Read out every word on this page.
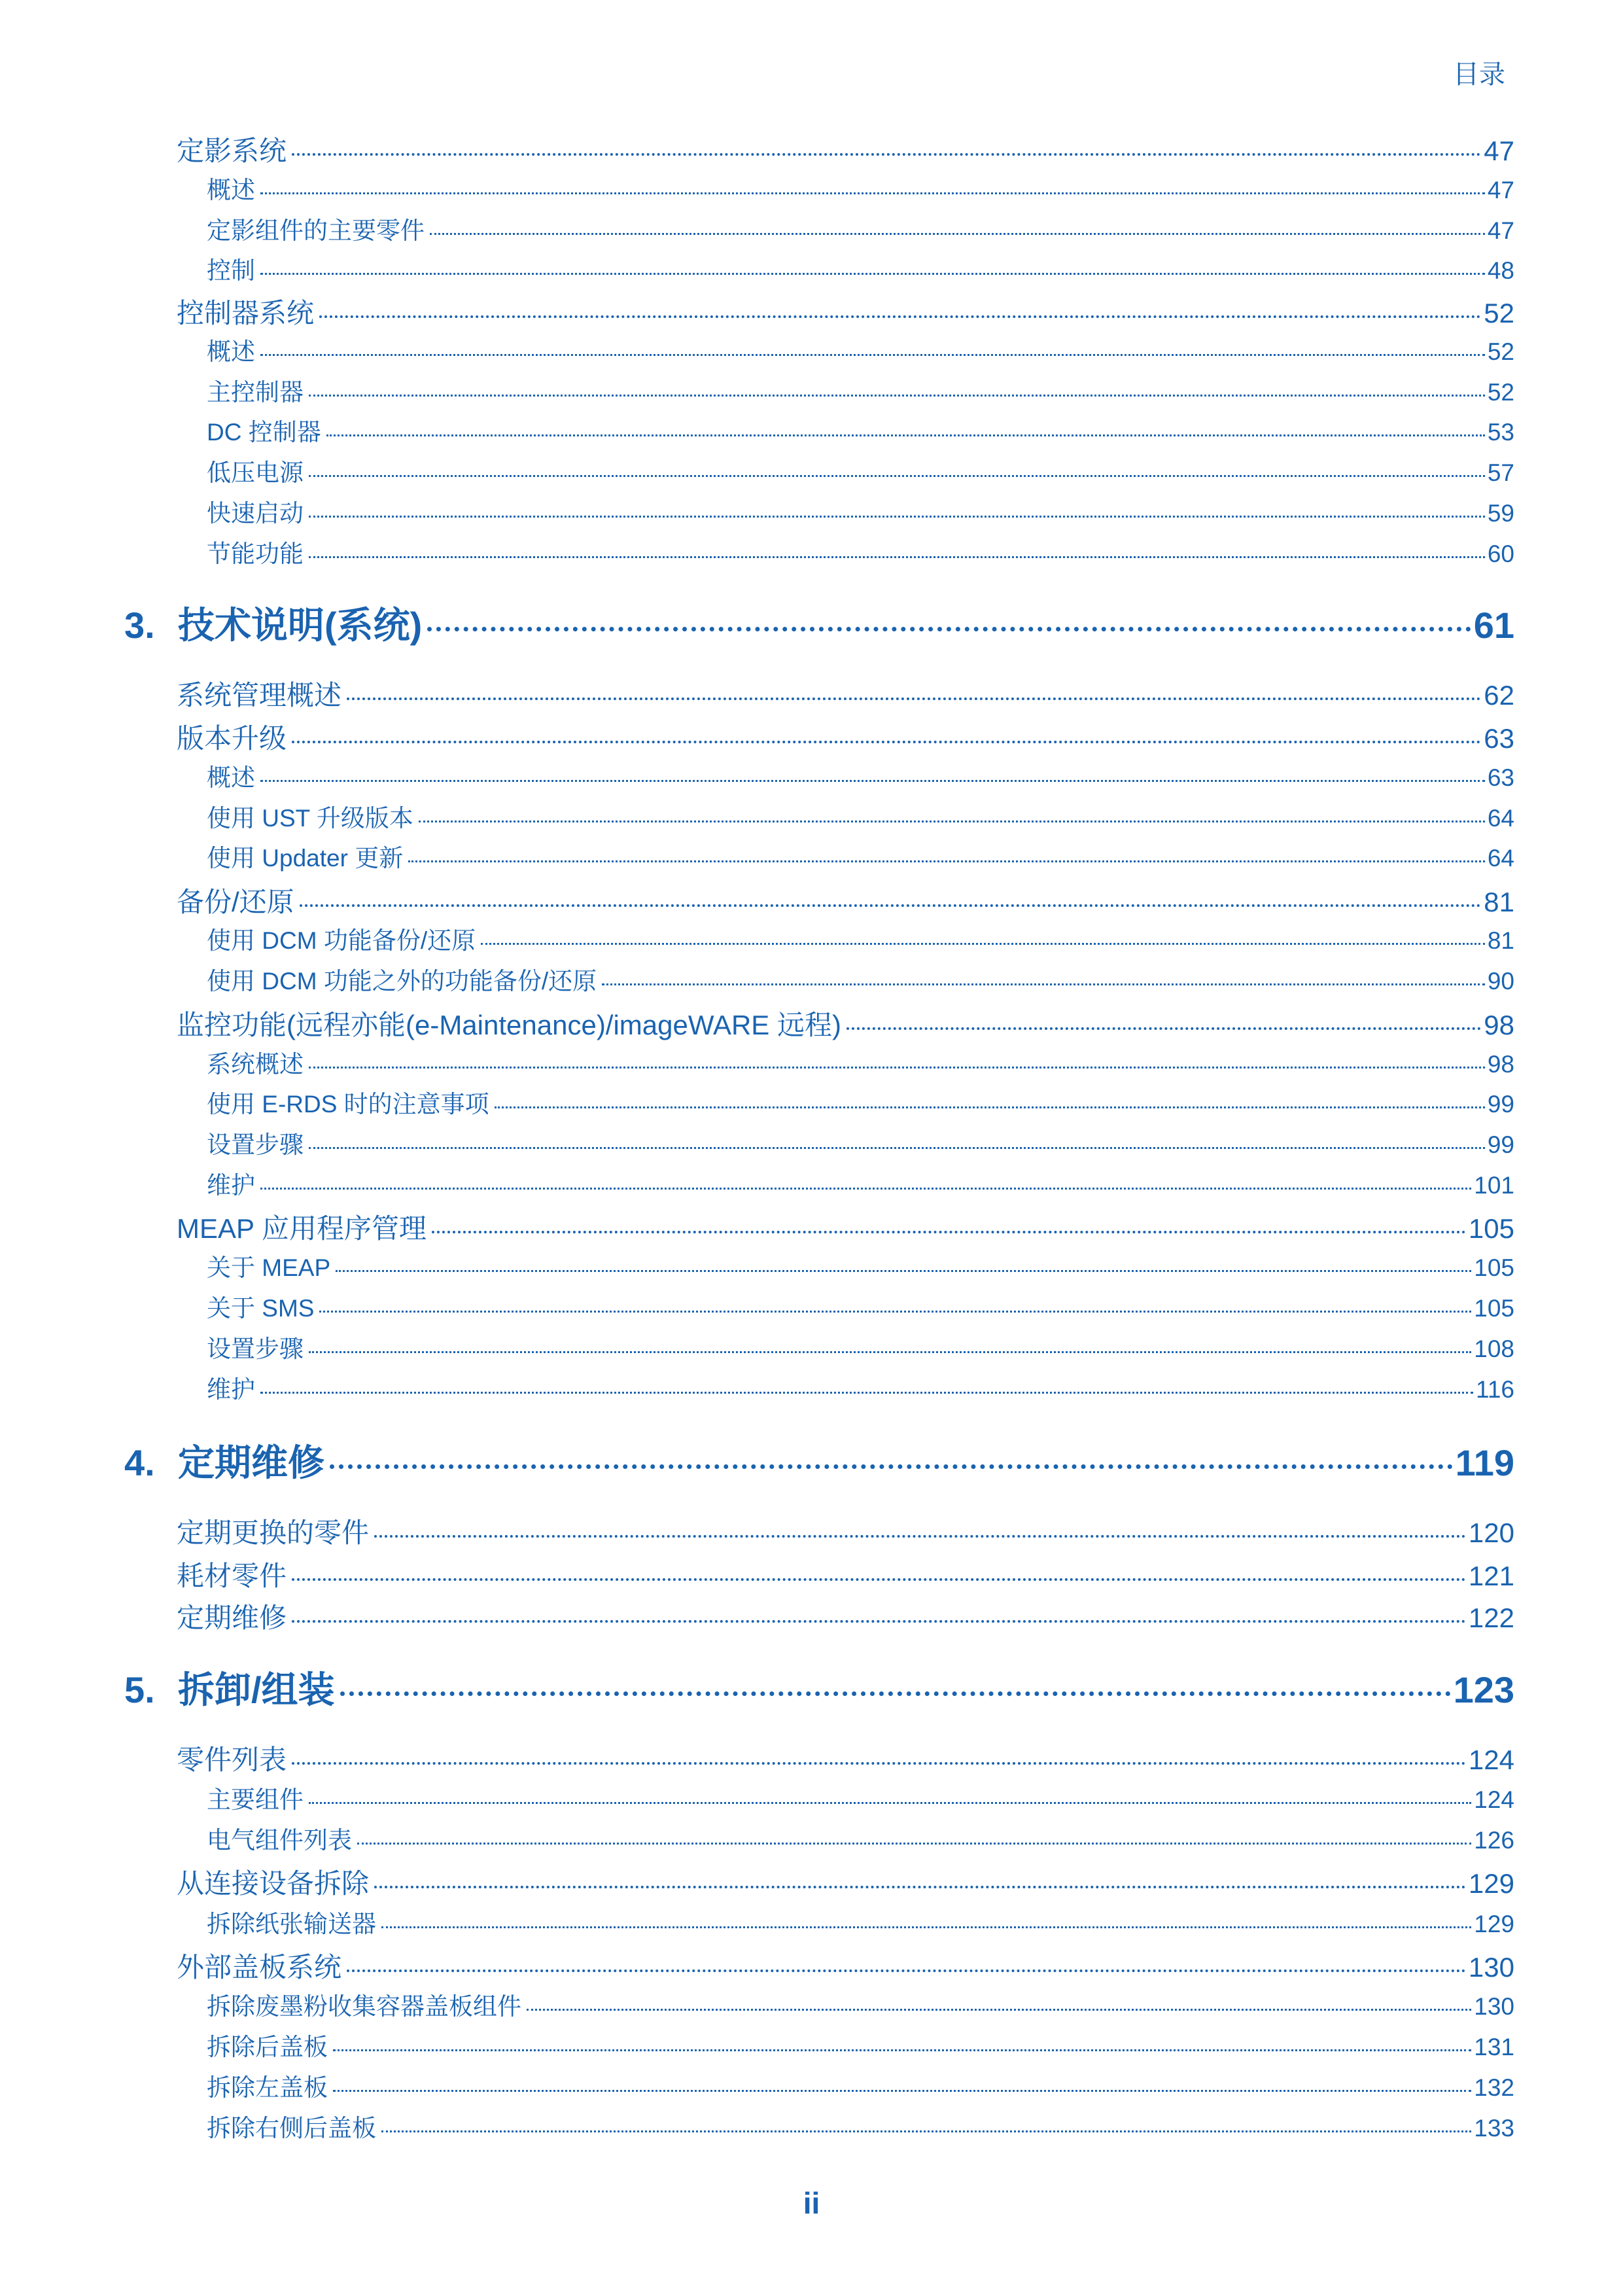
目录
定影系统	47
概述	47
定影组件的主要零件	47
控制	48
控制器系统	52
概述	52
主控制器	52
DC 控制器	53
低压电源	57
快速启动	59
节能功能	60
3. 技术说明(系统)	61
系统管理概述	62
版本升级	63
概述	63
使用 UST 升级版本	64
使用 Updater 更新	64
备份/还原	81
使用 DCM 功能备份/还原	81
使用 DCM 功能之外的功能备份/还原	90
监控功能(远程亦能(e-Maintenance)/imageWARE 远程)	98
系统概述	98
使用 E-RDS 时的注意事项	99
设置步骤	99
维护	101
MEAP 应用程序管理	105
关于 MEAP	105
关于 SMS	105
设置步骤	108
维护	116
4. 定期维修	119
定期更换的零件	120
耗材零件	121
定期维修	122
5. 拆卸/组装	123
零件列表	124
主要组件	124
电气组件列表	126
从连接设备拆除	129
拆除纸张输送器	129
外部盖板系统	130
拆除废墨粉收集容器盖板组件	130
拆除后盖板	131
拆除左盖板	132
拆除右侧后盖板	133
ii
